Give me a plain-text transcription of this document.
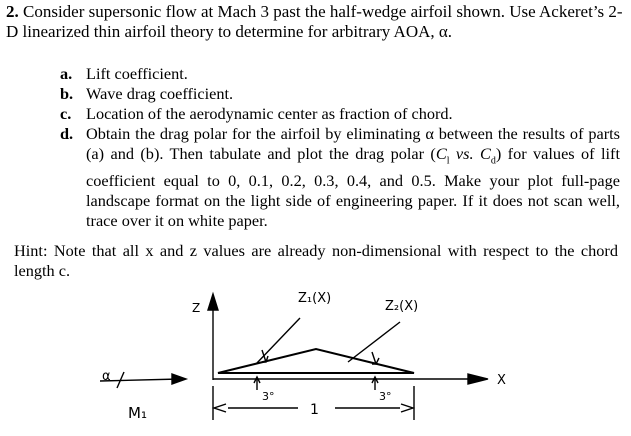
2. Consider supersonic flow at Mach 3 past the half-wedge airfoil shown. Use Ackeret’s 2-D linearized thin airfoil theory to determine for arbitrary AOA, α.

a. Lift coefficient.

b. Wave drag coefficient.

c. Location of the aerodynamic center as fraction of chord.

d. Obtain the drag polar for the airfoil by eliminating α between the results of parts (a) and (b). Then tabulate and plot the drag polar ($C_l$ vs. $C_d$) for values of lift coefficient equal to 0, 0.1, 0.2, 0.3, 0.4, and 0.5. Make your plot full-page landscape format on the light side of engineering paper. If it does not scan well, trace over it on white paper.

Hint: Note that all x and z values are already non-dimensional with respect to the chord length c.

Z
X
Z₁(X)
Z₂(X)
3°	3°
1
α
M₁
